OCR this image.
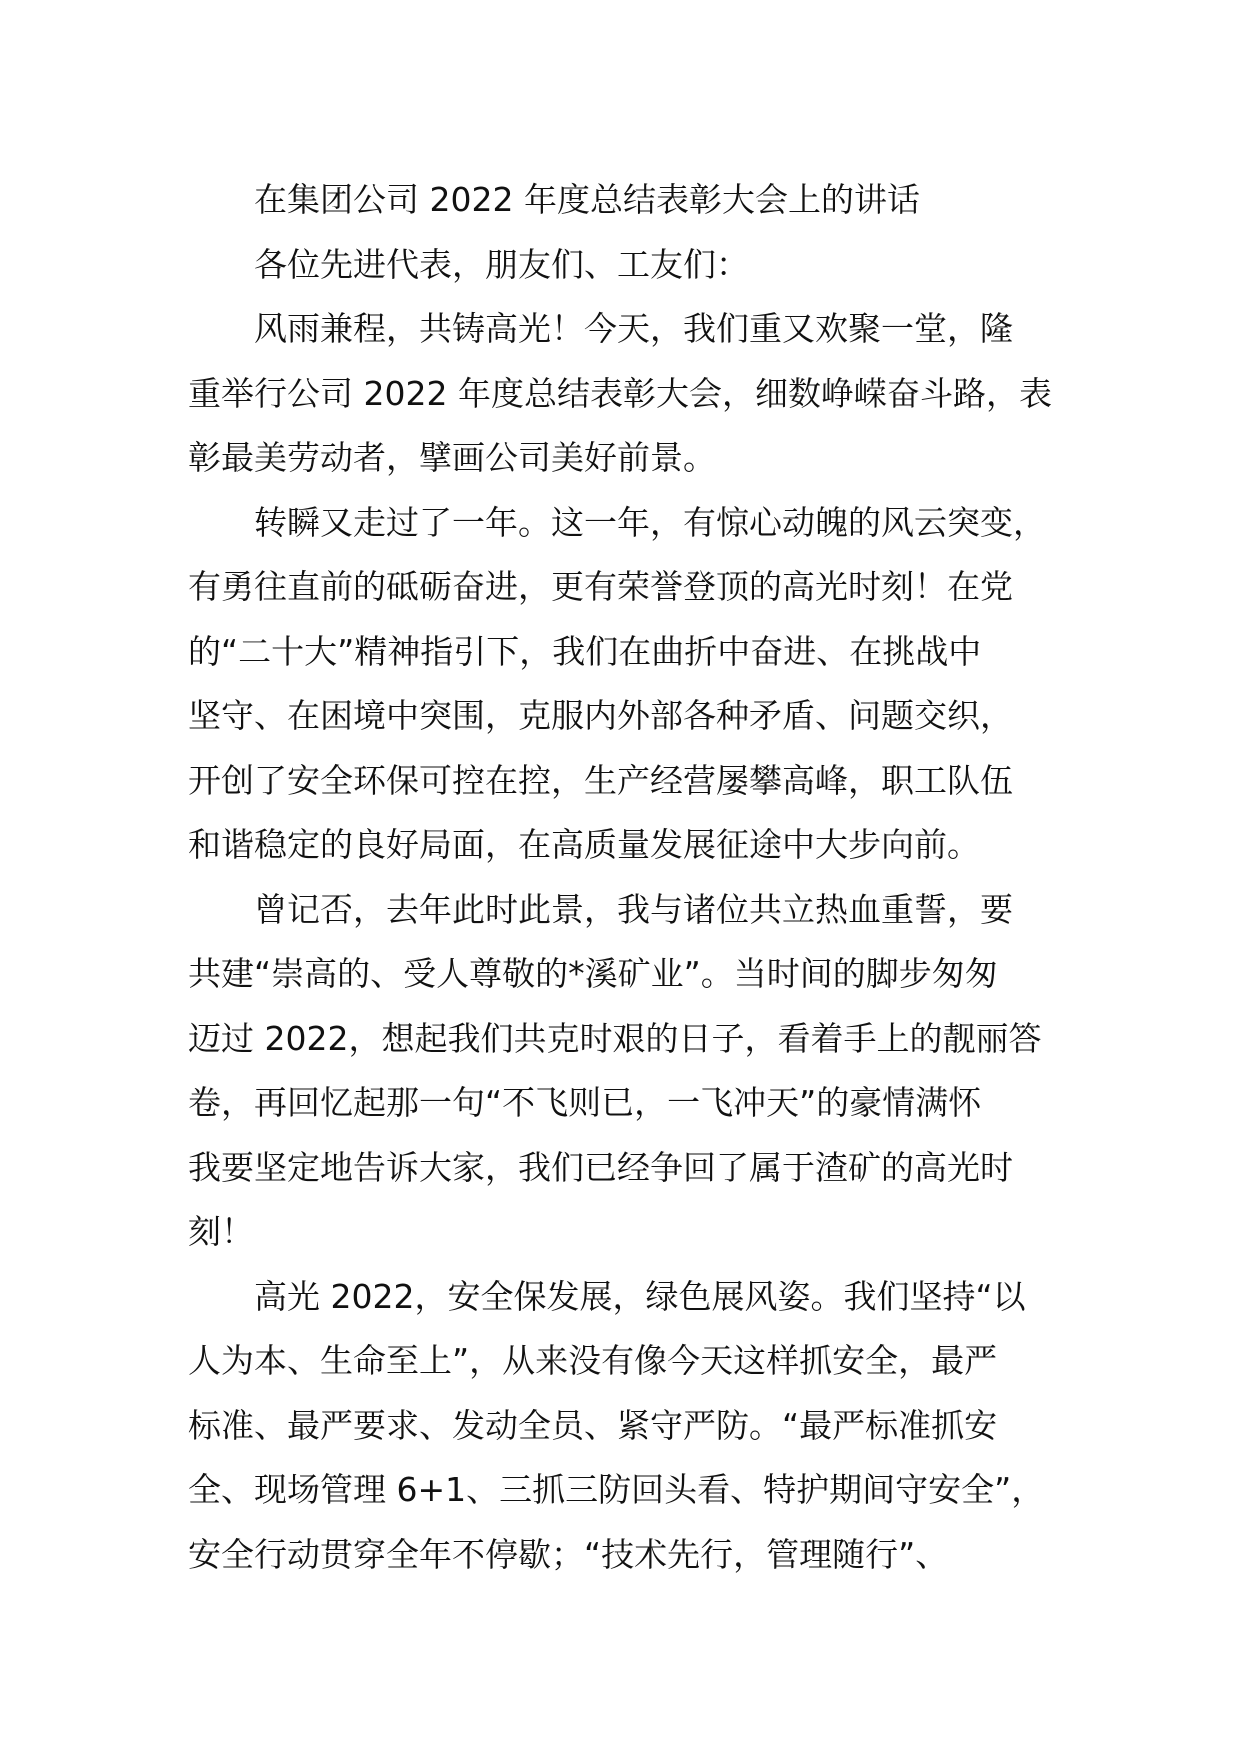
在集团公司 2022 年度总结表彰大会上的讲话
各位先进代表，朋友们、工友们：
风雨兼程，共铸高光！今天，我们重又欢聚一堂，隆
重举行公司 2022 年度总结表彰大会，细数峥嵘奋斗路，表
彰最美劳动者，擘画公司美好前景。
转瞬又走过了一年。这一年，有惊心动魄的风云突变，
有勇往直前的砥砺奋进，更有荣誉登顶的高光时刻！在党
的“二十大”精神指引下，我们在曲折中奋进、在挑战中
坚守、在困境中突围，克服内外部各种矛盾、问题交织，
开创了安全环保可控在控，生产经营屡攀高峰，职工队伍
和谐稳定的良好局面，在高质量发展征途中大步向前。
曾记否，去年此时此景，我与诸位共立热血重誓，要
共建“崇高的、受人尊敬的*溪矿业”。当时间的脚步匆匆
迈过 2022，想起我们共克时艰的日子，看着手上的靓丽答
卷，再回忆起那一句“不飞则已，一飞冲天”的豪情满怀
我要坚定地告诉大家，我们已经争回了属于渣矿的高光时
刻！
高光 2022，安全保发展，绿色展风姿。我们坚持“以
人为本、生命至上”，从来没有像今天这样抓安全，最严
标准、最严要求、发动全员、紧守严防。“最严标准抓安
全、现场管理 6+1、三抓三防回头看、特护期间守安全”，
安全行动贯穿全年不停歇；“技术先行，管理随行”、
